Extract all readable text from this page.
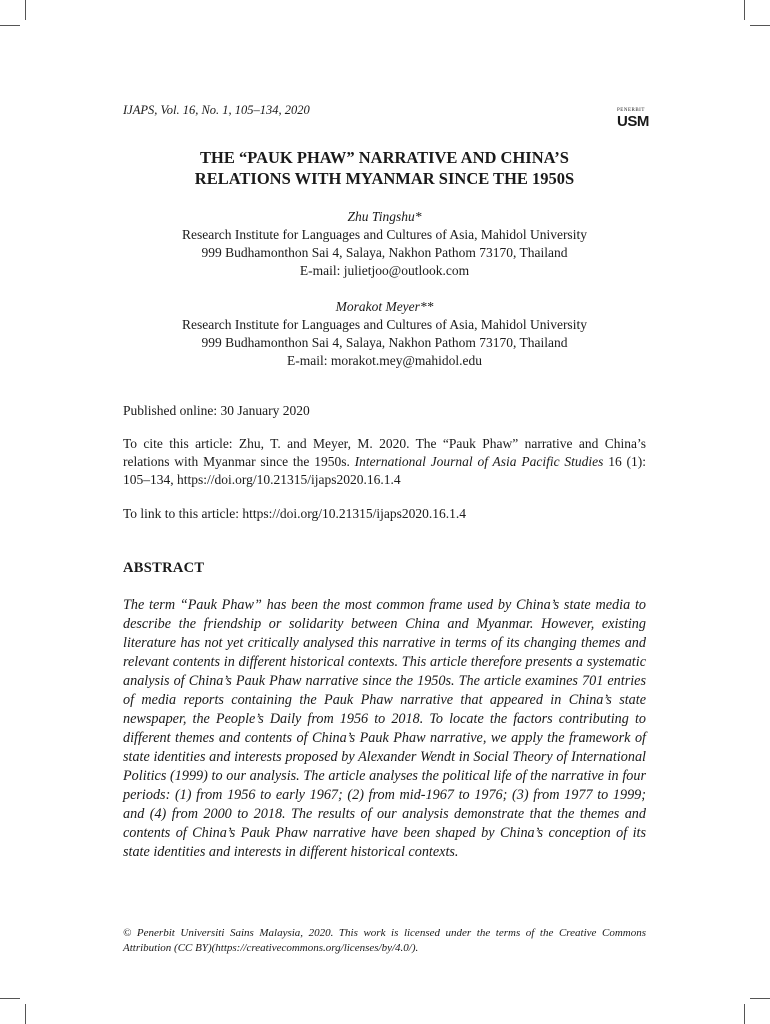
IJAPS, Vol. 16, No. 1, 105–134, 2020	PENERBIT
USM
THE “PAUK PHAW” NARRATIVE AND CHINA’S
RELATIONS WITH MYANMAR SINCE THE 1950S
Zhu Tingshu*
Research Institute for Languages and Cultures of Asia, Mahidol University
999 Budhamonthon Sai 4, Salaya, Nakhon Pathom 73170, Thailand
E-mail: julietjoo@outlook.com
Morakot Meyer**
Research Institute for Languages and Cultures of Asia, Mahidol University
999 Budhamonthon Sai 4, Salaya, Nakhon Pathom 73170, Thailand
E-mail: morakot.mey@mahidol.edu
Published online: 30 January 2020
To cite this article: Zhu, T. and Meyer, M. 2020. The “Pauk Phaw” narrative and China’s relations with Myanmar since the 1950s. International Journal of Asia Pacific Studies 16 (1): 105–134, https://doi.org/10.21315/ijaps2020.16.1.4
To link to this article: https://doi.org/10.21315/ijaps2020.16.1.4
ABSTRACT
The term “Pauk Phaw” has been the most common frame used by China’s state media to describe the friendship or solidarity between China and Myanmar. However, existing literature has not yet critically analysed this narrative in terms of its changing themes and relevant contents in different historical contexts. This article therefore presents a systematic analysis of China’s Pauk Phaw narrative since the 1950s. The article examines 701 entries of media reports containing the Pauk Phaw narrative that appeared in China’s state newspaper, the People’s Daily from 1956 to 2018. To locate the factors contributing to different themes and contents of China’s Pauk Phaw narrative, we apply the framework of state identities and interests proposed by Alexander Wendt in Social Theory of International Politics (1999) to our analysis. The article analyses the political life of the narrative in four periods: (1) from 1956 to early 1967; (2) from mid-1967 to 1976; (3) from 1977 to 1999; and (4) from 2000 to 2018. The results of our analysis demonstrate that the themes and contents of China’s Pauk Phaw narrative have been shaped by China’s conception of its state identities and interests in different historical contexts.
© Penerbit Universiti Sains Malaysia, 2020. This work is licensed under the terms of the Creative Commons Attribution (CC BY)(https://creativecommons.org/licenses/by/4.0/).
